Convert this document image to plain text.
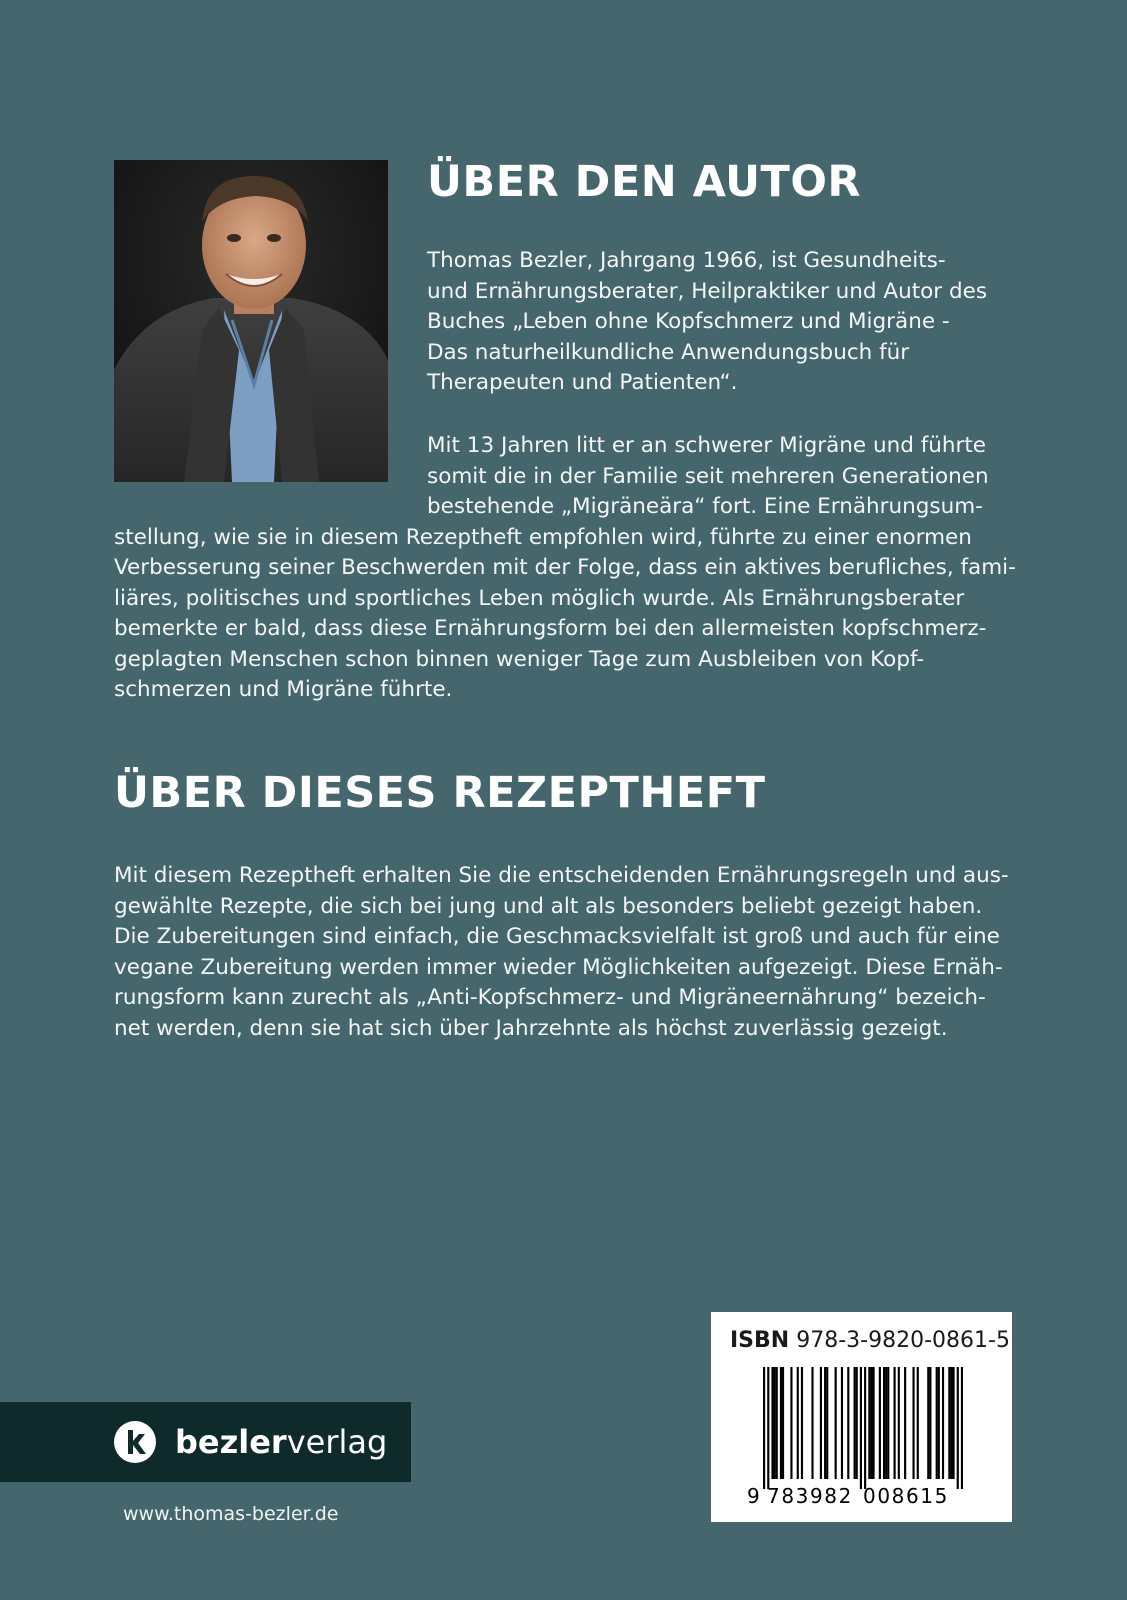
ÜBER DEN AUTOR
Thomas Bezler, Jahrgang 1966, ist Gesundheits-
und Ernährungsberater, Heilpraktiker und Autor des
Buches „Leben ohne Kopfschmerz und Migräne -
Das naturheilkundliche Anwendungsbuch für
Therapeuten und Patienten“.
Mit 13 Jahren litt er an schwerer Migräne und führte
somit die in der Familie seit mehreren Generationen
bestehende „Migräneära“ fort. Eine Ernährungsum-
stellung, wie sie in diesem Rezeptheft empfohlen wird, führte zu einer enormen
Verbesserung seiner Beschwerden mit der Folge, dass ein aktives berufliches, fami-
liäres, politisches und sportliches Leben möglich wurde. Als Ernährungsberater
bemerkte er bald, dass diese Ernährungsform bei den allermeisten kopfschmerz-
geplagten Menschen schon binnen weniger Tage zum Ausbleiben von Kopf-
schmerzen und Migräne führte.
ÜBER DIESES REZEPTHEFT
Mit diesem Rezeptheft erhalten Sie die entscheidenden Ernährungsregeln und aus-
gewählte Rezepte, die sich bei jung und alt als besonders beliebt gezeigt haben.
Die Zubereitungen sind einfach, die Geschmacksvielfalt ist groß und auch für eine
vegane Zubereitung werden immer wieder Möglichkeiten aufgezeigt. Diese Ernäh-
rungsform kann zurecht als „Anti-Kopfschmerz- und Migräneernährung“ bezeich-
net werden, denn sie hat sich über Jahrzehnte als höchst zuverlässig gezeigt.
bezlerverlag
www.thomas-bezler.de
ISBN 978-3-9820-0861-5
9 783982 008615
